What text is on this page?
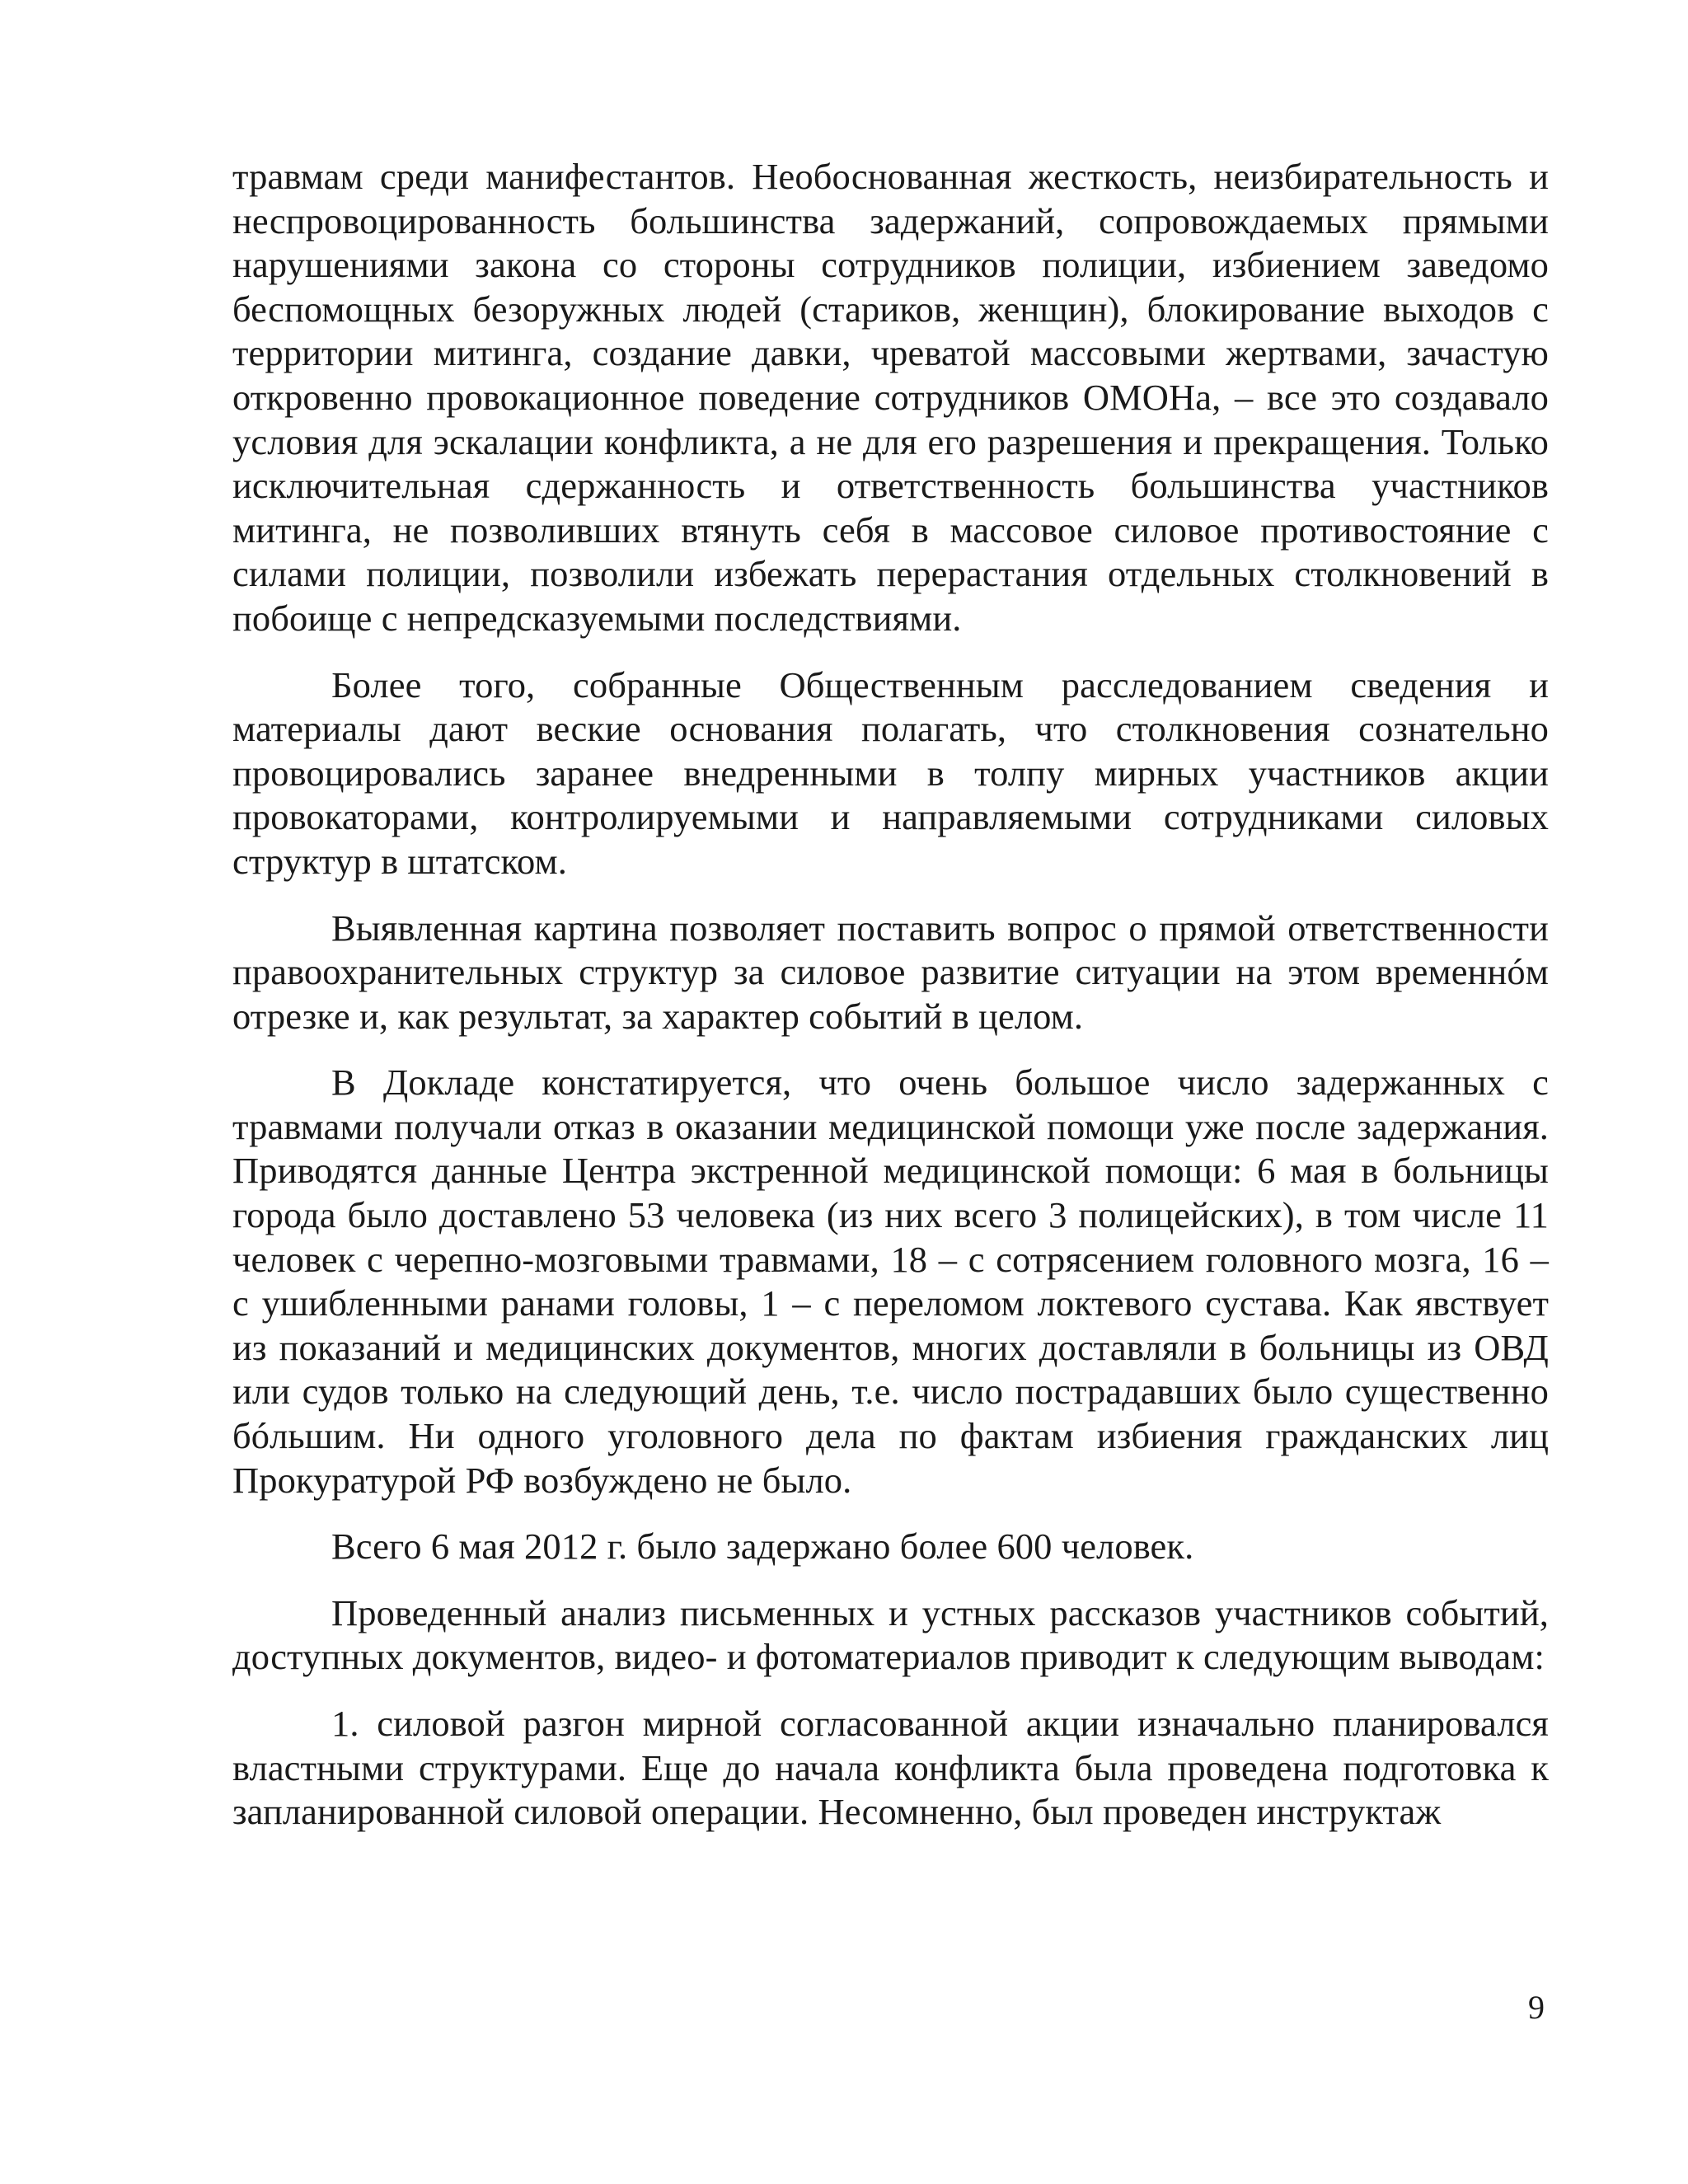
травмам среди манифестантов. Необоснованная жесткость, неизбирательность и неспровоцированность большинства задержаний, сопровождаемых прямыми нарушениями закона со стороны сотрудников полиции, избиением заведомо беспомощных безоружных людей (стариков, женщин), блокирование выходов с территории митинга, создание давки, чреватой массовыми жертвами, зачастую откровенно провокационное поведение сотрудников ОМОНа, – все это создавало условия для эскалации конфликта, а не для его разрешения и прекращения. Только исключительная сдержанность и ответственность большинства участников митинга, не позволивших втянуть себя в массовое силовое противостояние с силами полиции, позволили избежать перерастания отдельных столкновений в побоище с непредсказуемыми последствиями.

Более того, собранные Общественным расследованием сведения и материалы дают веские основания полагать, что столкновения сознательно провоцировались заранее внедренными в толпу мирных участников акции провокаторами, контролируемыми и направляемыми сотрудниками силовых структур в штатском.

Выявленная картина позволяет поставить вопрос о прямой ответственности правоохранительных структур за силовое развитие ситуации на этом временнóм отрезке и, как результат, за характер событий в целом.

В Докладе констатируется, что очень большое число задержанных с травмами получали отказ в оказании медицинской помощи уже после задержания. Приводятся данные Центра экстренной медицинской помощи: 6 мая в больницы города было доставлено 53 человека (из них всего 3 полицейских), в том числе 11 человек с черепно-мозговыми травмами, 18 – с сотрясением головного мозга, 16 – с ушибленными ранами головы, 1 – с переломом локтевого сустава. Как явствует из показаний и медицинских документов, многих доставляли в больницы из ОВД или судов только на следующий день, т.е. число пострадавших было существенно бóльшим. Ни одного уголовного дела по фактам избиения гражданских лиц Прокуратурой РФ возбуждено не было.

Всего 6 мая 2012 г. было задержано более 600 человек.

Проведенный анализ письменных и устных рассказов участников событий, доступных документов, видео- и фотоматериалов приводит к следующим выводам:

1. силовой разгон мирной согласованной акции изначально планировался властными структурами. Еще до начала конфликта была проведена подготовка к запланированной силовой операции. Несомненно, был проведен инструктаж

9
